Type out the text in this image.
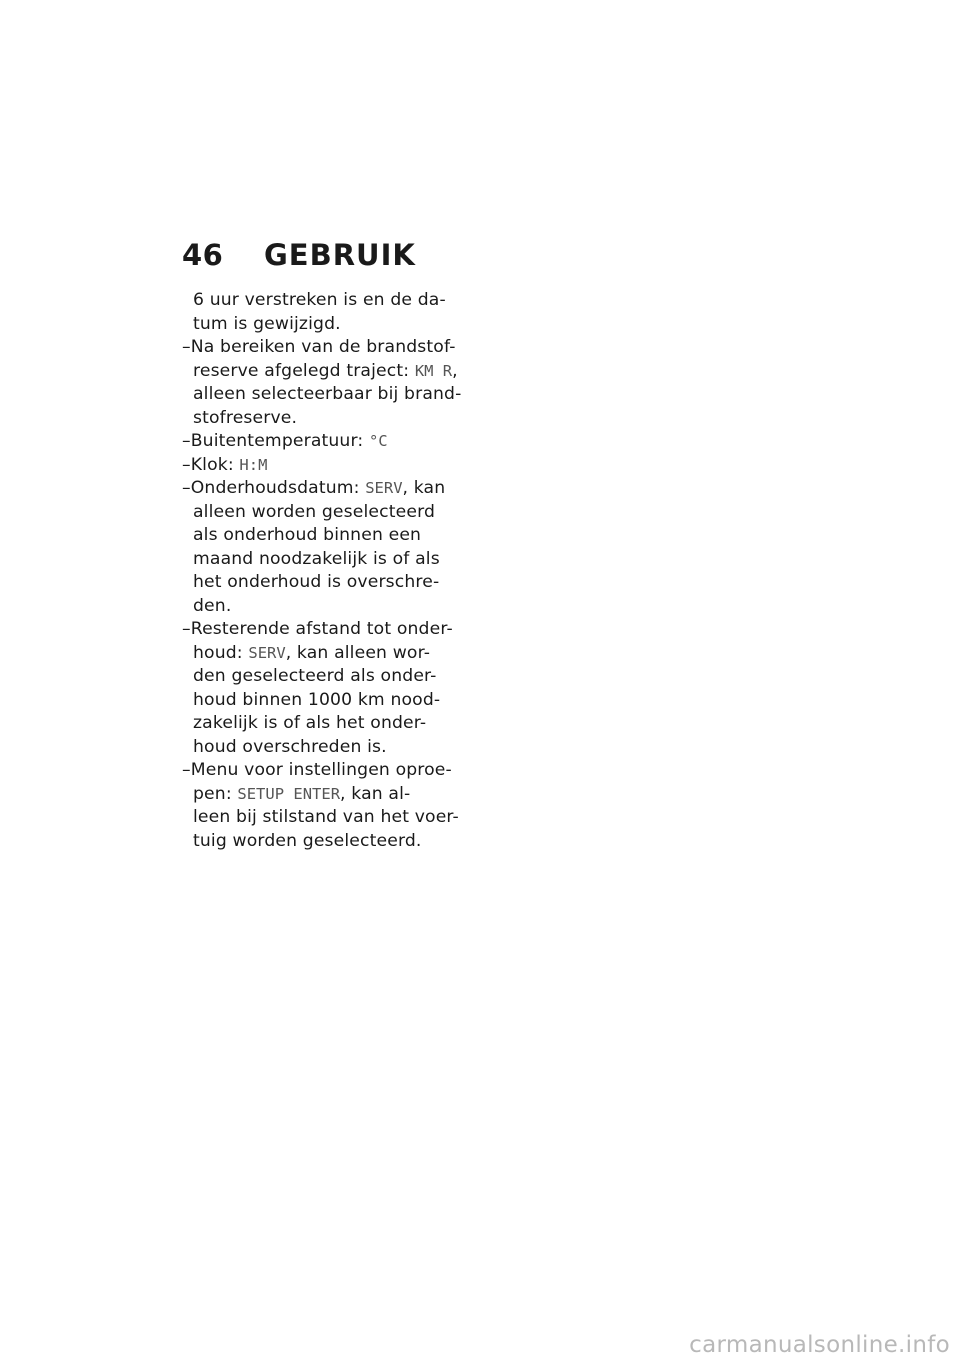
46	GEBRUIK
6 uur verstreken is en de da-
tum is gewijzigd.
–Na bereiken van de brandstof-
reserve afgelegd traject: KM R,
alleen selecteerbaar bij brand-
stofreserve.
–Buitentemperatuur: °C
–Klok: H:M
–Onderhoudsdatum: SERV, kan
alleen worden geselecteerd
als onderhoud binnen een
maand noodzakelijk is of als
het onderhoud is overschre-
den.
–Resterende afstand tot onder-
houd: SERV, kan alleen wor-
den geselecteerd als onder-
houd binnen 1000 km nood-
zakelijk is of als het onder-
houd overschreden is.
–Menu voor instellingen oproe-
pen: SETUP ENTER, kan al-
leen bij stilstand van het voer-
tuig worden geselecteerd.
carmanualsonline.info
